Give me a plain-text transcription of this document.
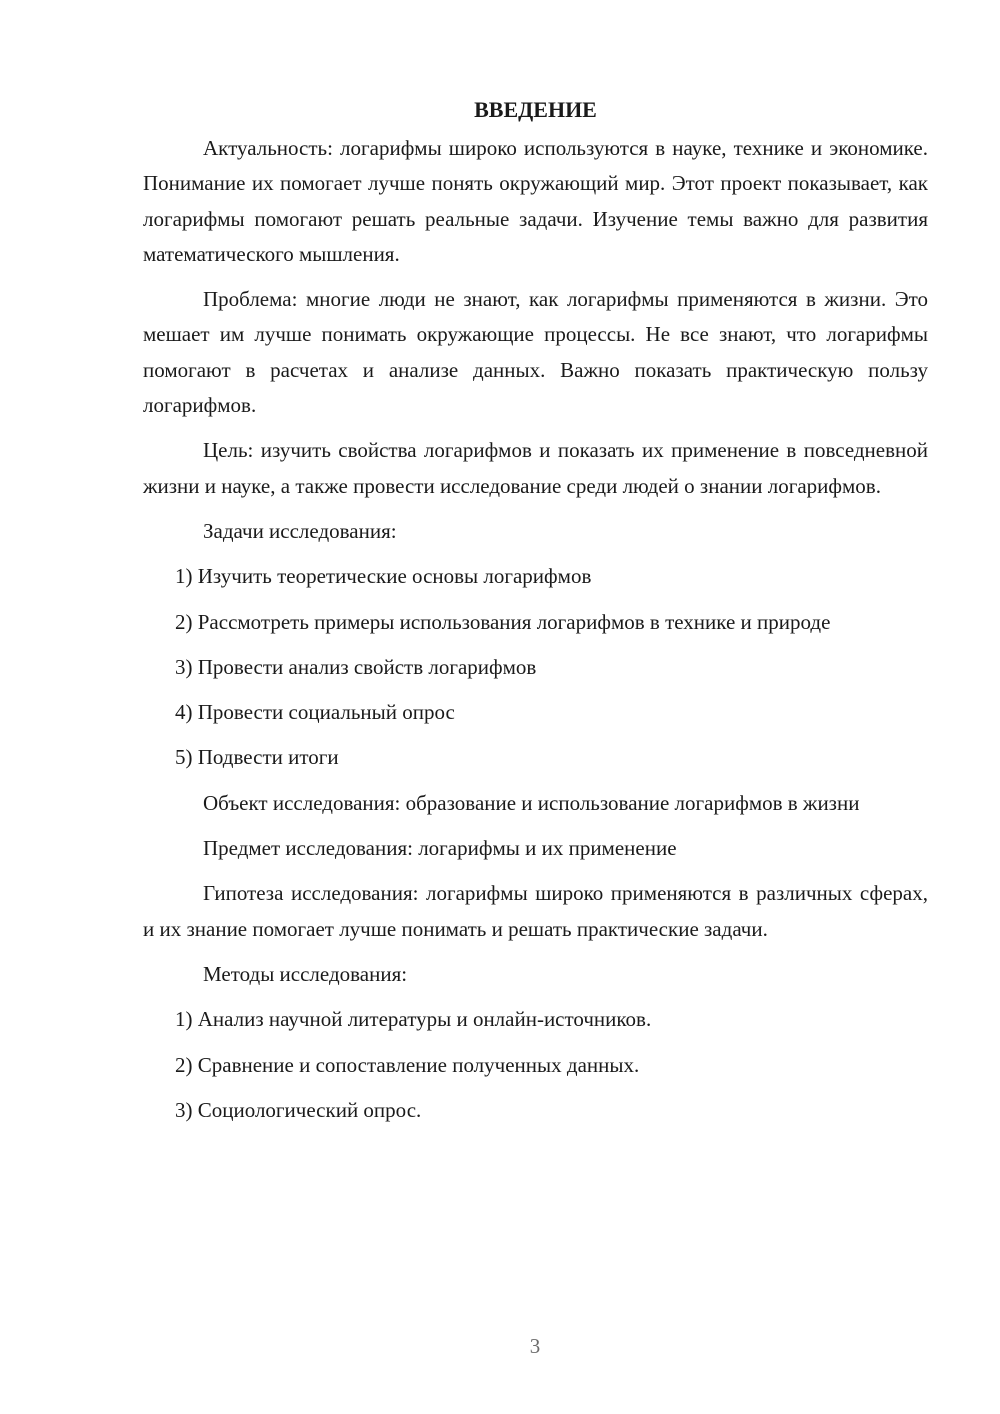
ВВЕДЕНИЕ

Актуальность: логарифмы широко используются в науке, технике и экономике. Понимание их помогает лучше понять окружающий мир. Этот проект показывает, как логарифмы помогают решать реальные задачи. Изучение темы важно для развития математического мышления.

Проблема: многие люди не знают, как логарифмы применяются в жизни. Это мешает им лучше понимать окружающие процессы. Не все знают, что логарифмы помогают в расчетах и анализе данных. Важно показать практическую пользу логарифмов.

Цель: изучить свойства логарифмов и показать их применение в повседневной жизни и науке, а также провести исследование среди людей о знании логарифмов.

Задачи исследования:

1) Изучить теоретические основы логарифмов

2) Рассмотреть примеры использования логарифмов в технике и природе

3) Провести анализ свойств логарифмов

4) Провести социальный опрос

5) Подвести итоги

Объект исследования: образование и использование логарифмов в жизни

Предмет исследования: логарифмы и их применение

Гипотеза исследования: логарифмы широко применяются в различных сферах, и их знание помогает лучше понимать и решать практические задачи.

Методы исследования:

1) Анализ научной литературы и онлайн-источников.

2) Сравнение и сопоставление полученных данных.

3) Социологический опрос.

3
